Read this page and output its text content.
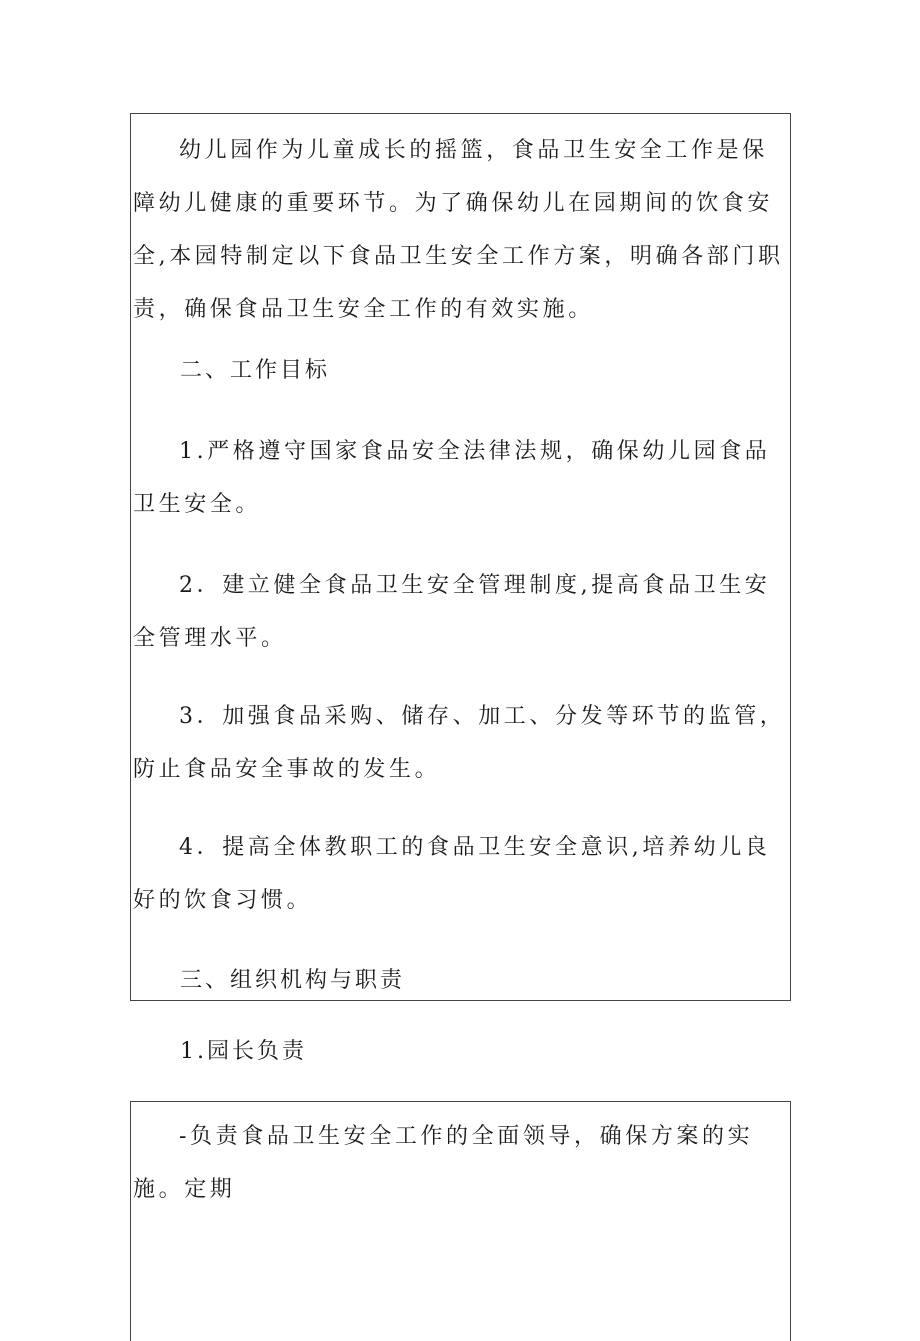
幼儿园作为儿童成长的摇篮，食品卫生安全工作是保障幼儿健康的重要环节。为了确保幼儿在园期间的饮食安全,本园特制定以下食品卫生安全工作方案，明确各部门职责，确保食品卫生安全工作的有效实施。

二、工作目标

1.严格遵守国家食品安全法律法规，确保幼儿园食品卫生安全。

2．建立健全食品卫生安全管理制度,提高食品卫生安全管理水平。

3．加强食品采购、储存、加工、分发等环节的监管，防止食品安全事故的发生。

4．提高全体教职工的食品卫生安全意识,培养幼儿良好的饮食习惯。

三、组织机构与职责

1.园长负责

-负责食品卫生安全工作的全面领导，确保方案的实施。定期
